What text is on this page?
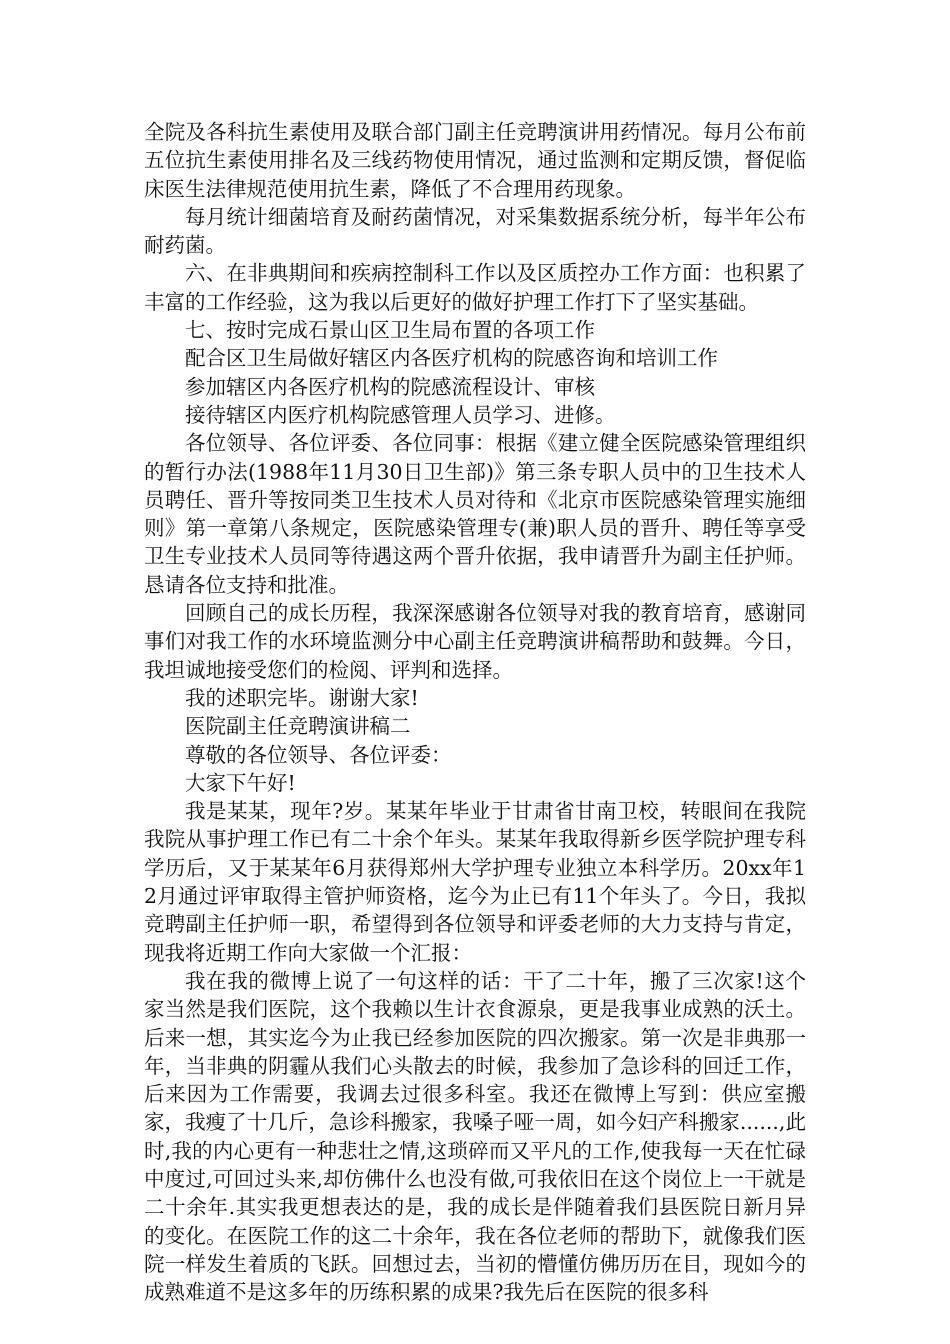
全院及各科抗生素使用及联合部门副主任竞聘演讲用药情况。每月公布前五位抗生素使用排名及三线药物使用情况，通过监测和定期反馈，督促临床医生法律规范使用抗生素，降低了不合理用药现象。

每月统计细菌培育及耐药菌情况，对采集数据系统分析，每半年公布耐药菌。

六、在非典期间和疾病控制科工作以及区质控办工作方面：也积累了丰富的工作经验，这为我以后更好的做好护理工作打下了坚实基础。

七、按时完成石景山区卫生局布置的各项工作

配合区卫生局做好辖区内各医疗机构的院感咨询和培训工作

参加辖区内各医疗机构的院感流程设计、审核

接待辖区内医疗机构院感管理人员学习、进修。

各位领导、各位评委、各位同事：根据《建立健全医院感染管理组织的暂行办法(1988年11月30日卫生部)》第三条专职人员中的卫生技术人员聘任、晋升等按同类卫生技术人员对待和《北京市医院感染管理实施细则》第一章第八条规定，医院感染管理专(兼)职人员的晋升、聘任等享受卫生专业技术人员同等待遇这两个晋升依据，我申请晋升为副主任护师。恳请各位支持和批准。

回顾自己的成长历程，我深深感谢各位领导对我的教育培育，感谢同事们对我工作的水环境监测分中心副主任竞聘演讲稿帮助和鼓舞。今日，我坦诚地接受您们的检阅、评判和选择。

我的述职完毕。谢谢大家!

医院副主任竞聘演讲稿二

尊敬的各位领导、各位评委：

大家下午好!

我是某某，现年?岁。某某年毕业于甘肃省甘南卫校，转眼间在我院我院从事护理工作已有二十余个年头。某某年我取得新乡医学院护理专科学历后，又于某某年6月获得郑州大学护理专业独立本科学历。20xx年12月通过评审取得主管护师资格，迄今为止已有11个年头了。今日，我拟竞聘副主任护师一职，希望得到各位领导和评委老师的大力支持与肯定，现我将近期工作向大家做一个汇报：

我在我的微博上说了一句这样的话：干了二十年，搬了三次家!这个家当然是我们医院，这个我赖以生计衣食源泉，更是我事业成熟的沃土。后来一想，其实迄今为止我已经参加医院的四次搬家。第一次是非典那一年，当非典的阴霾从我们心头散去的时候，我参加了急诊科的回迁工作，后来因为工作需要，我调去过很多科室。我还在微博上写到：供应室搬家，我瘦了十几斤，急诊科搬家，我嗓子哑一周，如今妇产科搬家......,此时,我的内心更有一种悲壮之情,这琐碎而又平凡的工作,使我每一天在忙碌中度过,可回过头来,却仿佛什么也没有做,可我依旧在这个岗位上一干就是二十余年.其实我更想表达的是，我的成长是伴随着我们县医院日新月异的变化。在医院工作的这二十余年，我在各位老师的帮助下，就像我们医院一样发生着质的飞跃。回想过去，当初的懵懂仿佛历历在目，现如今的成熟难道不是这多年的历练积累的成果?我先后在医院的很多科
